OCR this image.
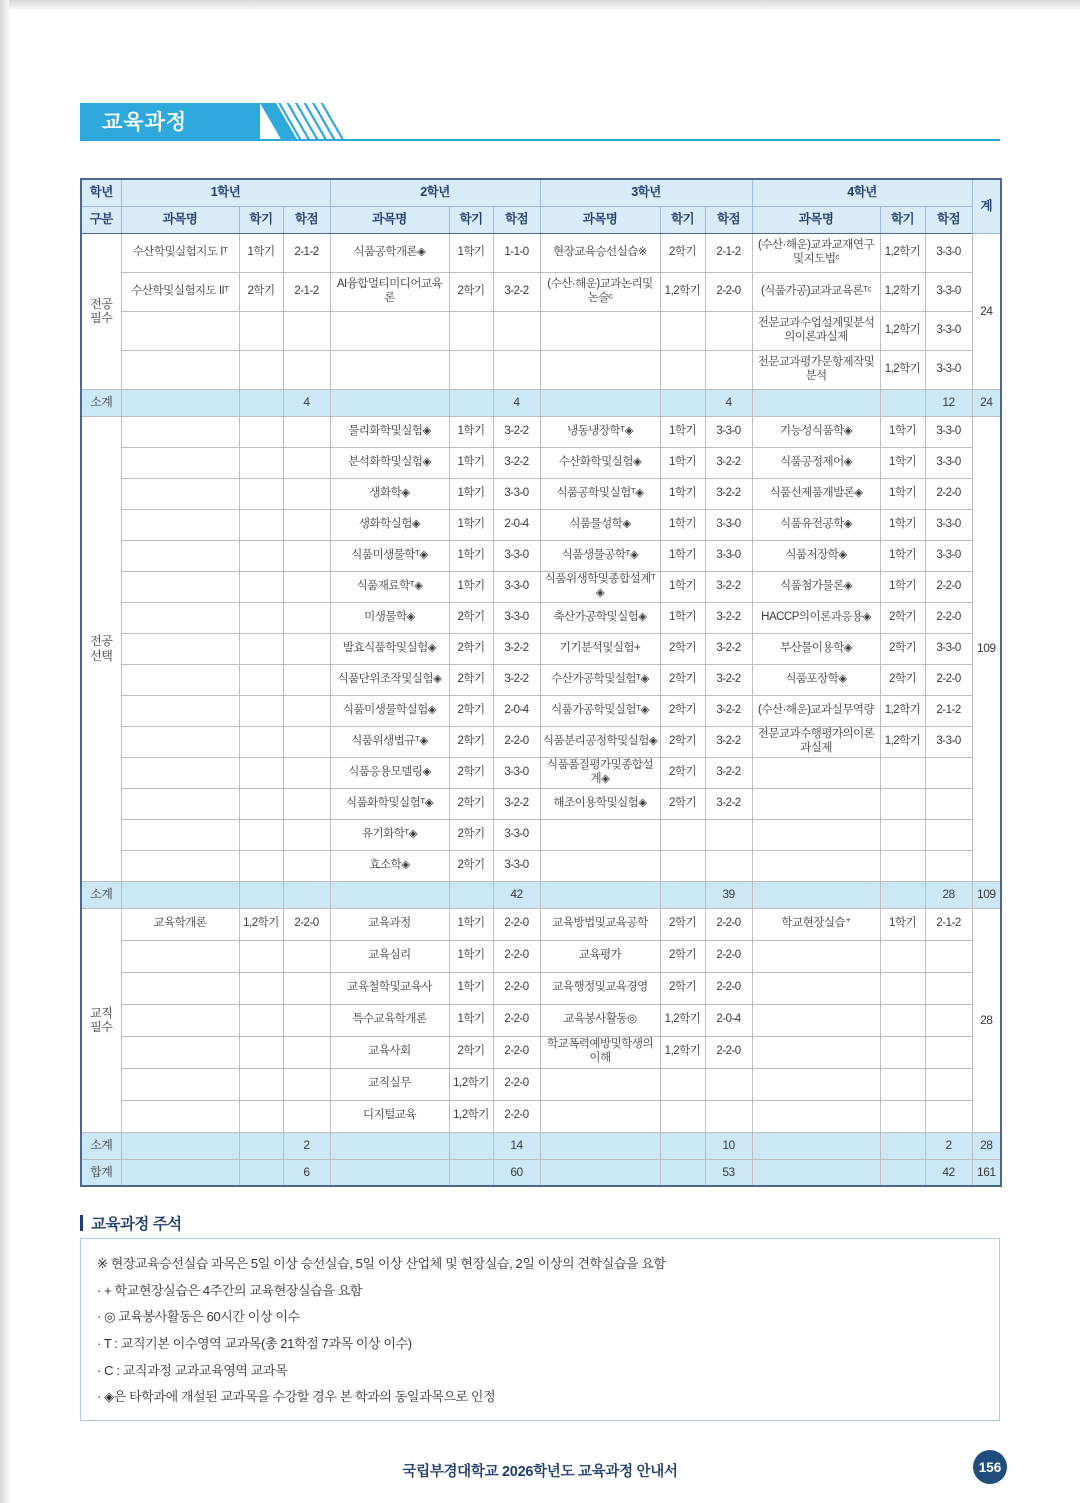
교육과정
학년	1학년			2학년			3학년			4학년			계
구분	과목명	학기	학점	과목명	학기	학점	과목명	학기	학점	과목명	학기	학점	
전공필수	수산학및실험지도 Iᵀ	1학기	2-1-2	식품공학개론◈	1학기	1-1-0	현장교육승선실습※	2학기	2-1-2	(수산·해운)교과교재연구및지도법ᶜ	1,2학기	3-3-0	24
	수산학및실험지도 IIᵀ	2학기	2-1-2	AI융합멀티미디어교육론	2학기	3-2-2	(수산·해운)교과논리및논술ᶜ	1,2학기	2-2-0	(식품가공)교과교육론ᵀᶜ	1,2학기	3-3-0	
										전문교과수업설계및분석의이론과실제	1,2학기	3-3-0	
										전문교과평가문항제작및분석	1,2학기	3-3-0	
소계			4			4			4			12	24
전공선택				물리화학및실험◈	1학기	3-2-2	냉동냉장학ᵀ◈	1학기	3-3-0	기능성식품학◈	1학기	3-3-0	109
				분석화학및실험◈	1학기	3-2-2	수산화학및실험◈	1학기	3-2-2	식품공정제어◈	1학기	3-3-0	
				생화학◈	1학기	3-3-0	식품공학및실험ᵀ◈	1학기	3-2-2	식품신제품개발론◈	1학기	2-2-0	
				생화학실험◈	1학기	2-0-4	식품물성학◈	1학기	3-3-0	식품유전공학◈	1학기	3-3-0	
				식품미생물학ᵀ◈	1학기	3-3-0	식품생물공학ᵀ◈	1학기	3-3-0	식품저장학◈	1학기	3-3-0	
				식품재료학ᵀ◈	1학기	3-3-0	식품위생학및종합설계ᵀ◈	1학기	3-2-2	식품첨가물론◈	1학기	2-2-0	
				미생물학◈	2학기	3-3-0	축산가공학및실험◈	1학기	3-2-2	HACCP의이론과응용◈	2학기	2-2-0	
				발효식품학및실험◈	2학기	3-2-2	기기분석및실험+	2학기	3-2-2	부산물이용학◈	2학기	3-3-0	
				식품단위조작및실험◈	2학기	3-2-2	수산가공학및실험ᵀ◈	2학기	3-2-2	식품포장학◈	2학기	2-2-0	
				식품미생물학실험◈	2학기	2-0-4	식품가공학및실험ᵀ◈	2학기	3-2-2	(수산·해운)교과실무역량	1,2학기	2-1-2	
				식품위생법규ᵀ◈	2학기	2-2-0	식품분리공정학및실험◈	2학기	3-2-2	전문교과수행평가의이론과실제	1,2학기	3-3-0	
				식품응용모델링◈	2학기	3-3-0	식품품질평가및종합설계◈	2학기	3-2-2				
				식품화학및실험ᵀ◈	2학기	3-2-2	해조이용학및실험◈	2학기	3-2-2				
				유기화학ᵀ◈	2학기	3-3-0							
				효소학◈	2학기	3-3-0							
소계						42			39			28	109
교직필수	교육학개론	1,2학기	2-2-0	교육과정	1학기	2-2-0	교육방법및교육공학	2학기	2-2-0	학교현장실습⁺	1학기	2-1-2	28
				교육심리	1학기	2-2-0	교육평가	2학기	2-2-0				
				교육철학및교육사	1학기	2-2-0	교육행정및교육경영	2학기	2-2-0				
				특수교육학개론	1학기	2-2-0	교육봉사활동◎	1,2학기	2-0-4				
				교육사회	2학기	2-2-0	학교폭력예방및학생의이해	1,2학기	2-2-0				
				교직실무	1,2학기	2-2-0							
				디지털교육	1,2학기	2-2-0							
소계			2			14			10			2	28
합계			6			60			53			42	161
교육과정 주석
※ 현장교육승선실습 과목은 5일 이상 승선실습, 5일 이상 산업체 및 현장실습, 2일 이상의 견학실습을 요함
· + 학교현장실습은 4주간의 교육현장실습을 요함
· ◎ 교육봉사활동은 60시간 이상 이수
· T : 교직기본 이수영역 교과목(총 21학점 7과목 이상 이수)
· C : 교직과정 교과교육영역 교과목
· ◈은 타학과에 개설된 교과목을 수강할 경우 본 학과의 동일과목으로 인정
국립부경대학교 2026학년도 교육과정 안내서	156
